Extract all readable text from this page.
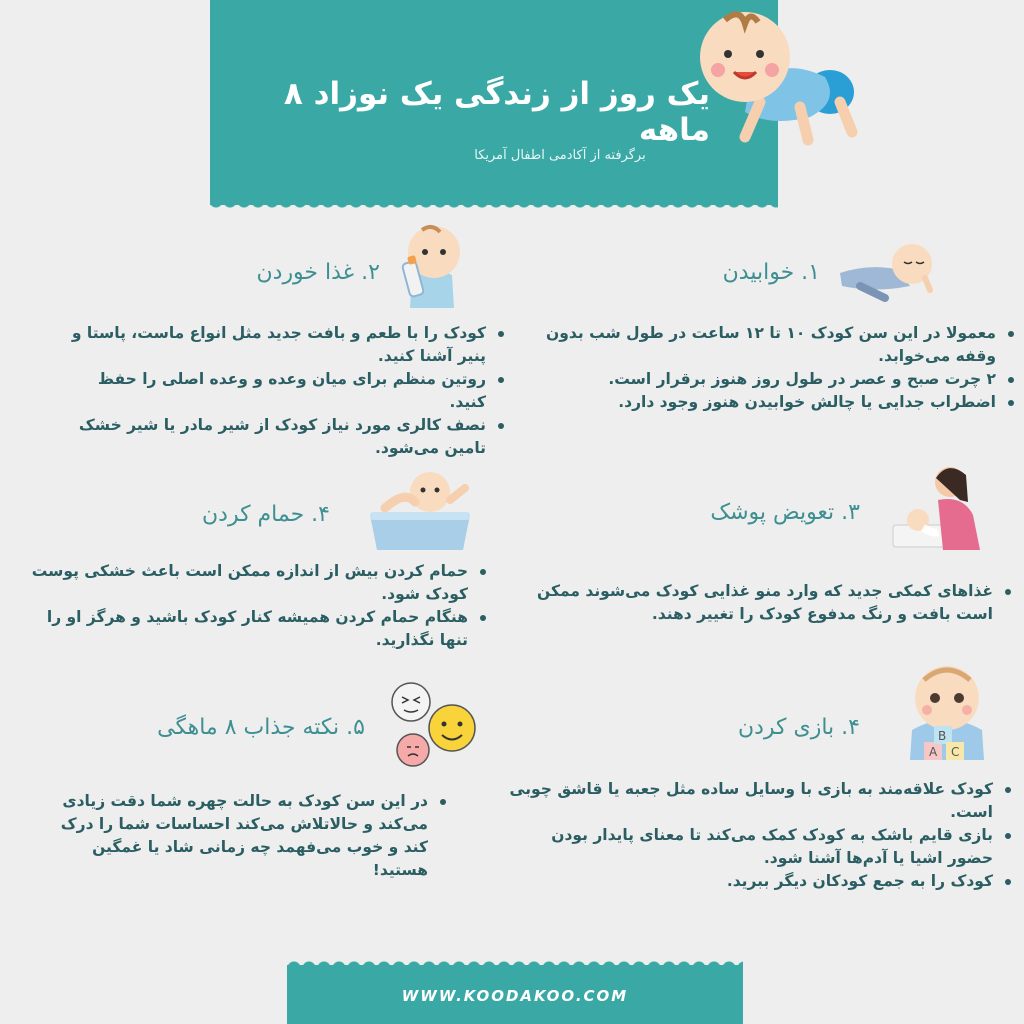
یک روز از زندگی یک نوزاد ۸ ماهه
برگرفته از آکادمی اطفال آمریکا
۱. خوابیدن
معمولا در این سن کودک ۱۰ تا ۱۲ ساعت در طول شب بدون وقفه می‌خوابد.
۲ چرت صبح و عصر در طول روز هنوز برقرار است.
اضطراب جدایی یا چالش خوابیدن هنوز وجود دارد.
۲. غذا خوردن
کودک را با طعم و بافت جدید مثل انواع ماست، پاستا و پنیر آشنا کنید.
روتین منظم برای میان وعده و وعده اصلی را حفظ کنید.
نصف کالری مورد نیاز کودک از شیر مادر یا شیر خشک تامین می‌شود.
۳. تعویض پوشک
غذاهای کمکی جدید که وارد منو غذایی کودک می‌شوند ممکن است بافت و رنگ مدفوع کودک را تغییر دهند.
۴. حمام کردن
حمام کردن بیش از اندازه ممکن است باعث خشکی پوست کودک شود.
هنگام حمام کردن همیشه کنار کودک باشید و هرگز او را تنها نگذارید.
۴. بازی کردن	B
A C
کودک علاقه‌مند به بازی با وسایل ساده مثل جعبه یا قاشق چوبی است.
بازی قایم باشک به کودک کمک می‌کند تا معنای پایدار بودن حضور اشیا یا آدم‌ها آشنا شود.
کودک را به جمع کودکان دیگر ببرید.
۵. نکته جذاب ۸ ماهگی
در این سن کودک به حالت چهره شما دقت زیادی می‌کند و حالاتلاش می‌کند احساسات شما را درک کند و خوب می‌فهمد چه زمانی شاد یا غمگین هستید!
WWW.KOODAKOO.COM
